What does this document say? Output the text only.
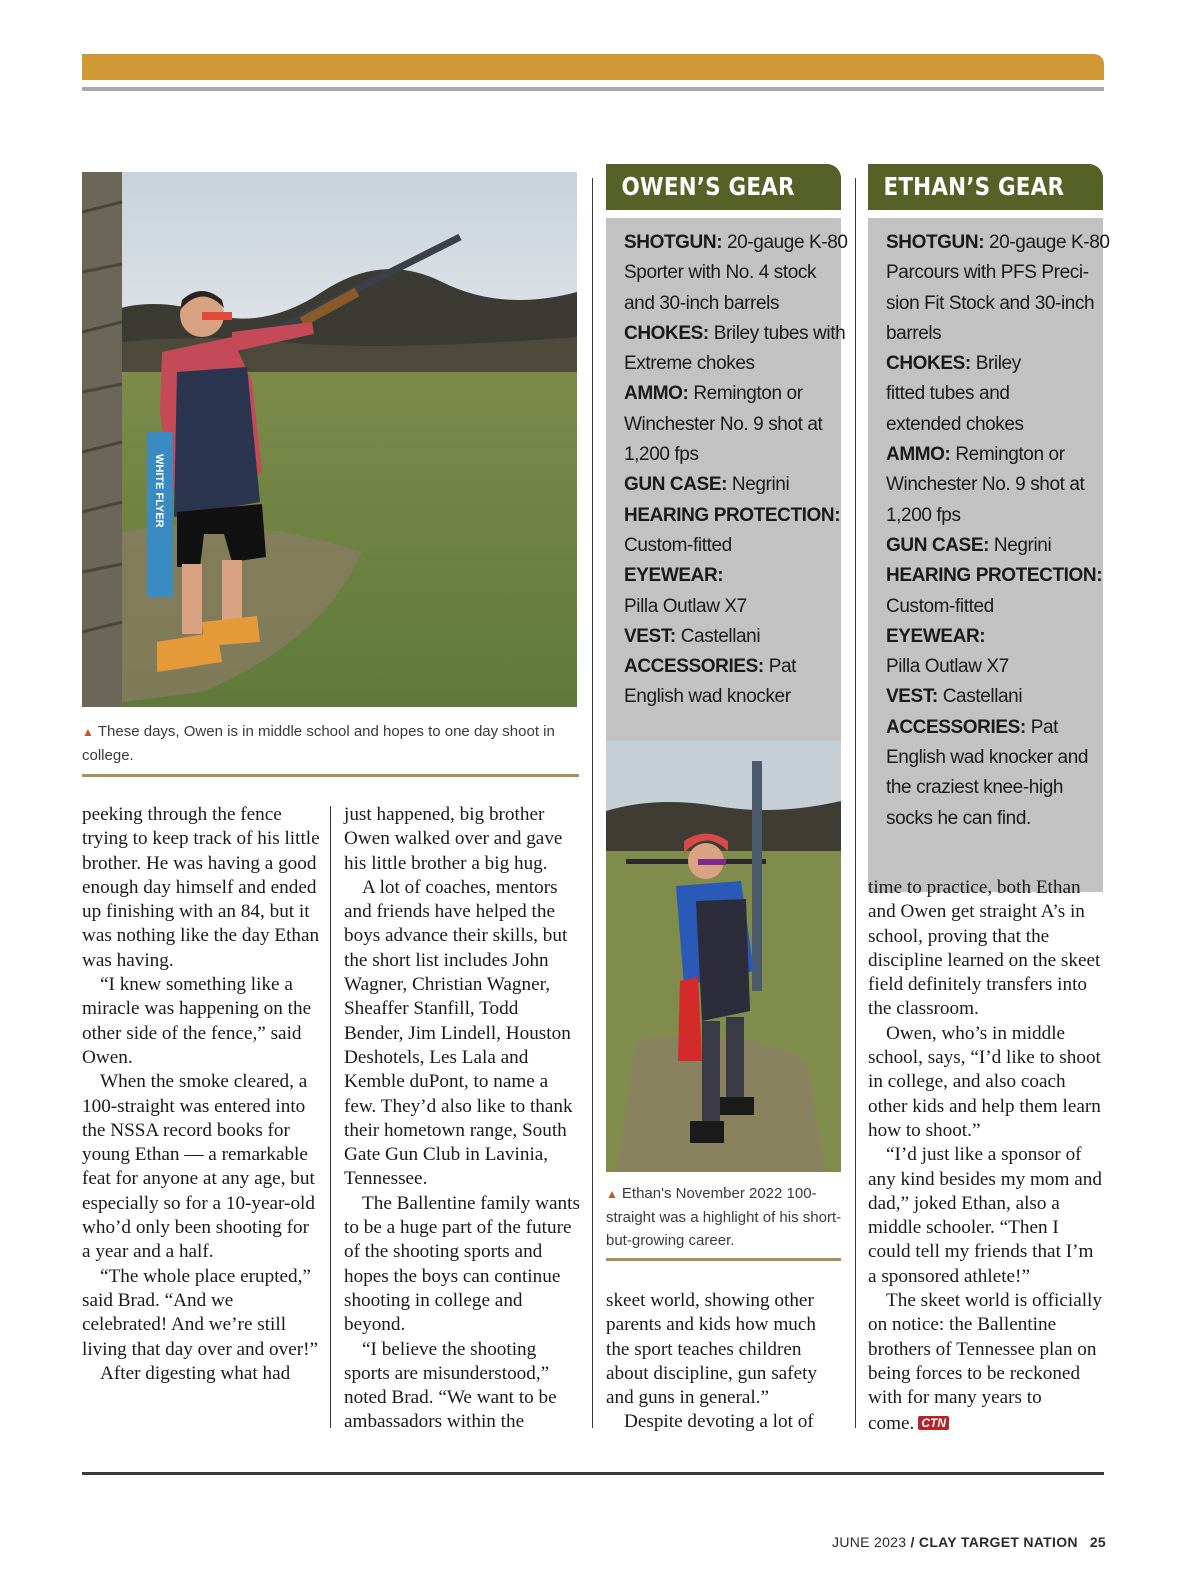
WHITE FLYER
▲ These days, Owen is in middle school and hopes to one day shoot in college.

peeking through the fence trying to keep track of his little brother. He was having a good enough day himself and ended up finishing with an 84, but it was nothing like the day Ethan was having.

“I knew something like a miracle was happening on the other side of the fence,” said Owen.

When the smoke cleared, a 100-straight was entered into the NSSA record books for young Ethan — a remarkable feat for anyone at any age, but especially so for a 10-year-old who’d only been shooting for a year and a half.

“The whole place erupted,” said Brad. “And we celebrated! And we’re still living that day over and over!”

After digesting what had

just happened, big brother Owen walked over and gave his little brother a big hug.

A lot of coaches, mentors and friends have helped the boys advance their skills, but the short list includes John Wagner, Christian Wagner, Sheaffer Stanfill, Todd Bender, Jim Lindell, Houston Deshotels, Les Lala and Kemble duPont, to name a few. They’d also like to thank their hometown range, South Gate Gun Club in Lavinia, Tennessee.

The Ballentine family wants to be a huge part of the future of the shooting sports and hopes the boys can continue shooting in college and beyond.

“I believe the shooting sports are misunderstood,” noted Brad. “We want to be ambassadors within the

OWEN’S GEAR
SHOTGUN: 20-gauge K-80
Sporter with No. 4 stock
and 30-inch barrels
CHOKES: Briley tubes with
Extreme chokes
AMMO: Remington or
Winchester No. 9 shot at
1,200 fps
GUN CASE: Negrini
HEARING PROTECTION:
Custom-fitted
EYEWEAR:
Pilla Outlaw X7
VEST: Castellani
ACCESSORIES: Pat
English wad knocker
▲ Ethan's November 2022 100-straight was a highlight of his short-but-growing career.

skeet world, showing other parents and kids how much the sport teaches children about discipline, gun safety and guns in general.”

Despite devoting a lot of

ETHAN’S GEAR
SHOTGUN: 20-gauge K-80
Parcours with PFS Preci-
sion Fit Stock and 30-inch
barrels
CHOKES: Briley
fitted tubes and
extended chokes
AMMO: Remington or
Winchester No. 9 shot at
1,200 fps
GUN CASE: Negrini
HEARING PROTECTION:
Custom-fitted
EYEWEAR:
Pilla Outlaw X7
VEST: Castellani
ACCESSORIES: Pat
English wad knocker and
the craziest knee-high
socks he can find.

time to practice, both Ethan and Owen get straight A’s in school, proving that the discipline learned on the skeet field definitely transfers into the classroom.

Owen, who’s in middle school, says, “I’d like to shoot in college, and also coach other kids and help them learn how to shoot.”

“I’d just like a sponsor of any kind besides my mom and dad,” joked Ethan, also a middle schooler. “Then I could tell my friends that I’m a sponsored athlete!”

The skeet world is officially on notice: the Ballentine brothers of Tennessee plan on being forces to be reckoned with for many years to come. CTN

JUNE 2023 / CLAY TARGET NATION 25
